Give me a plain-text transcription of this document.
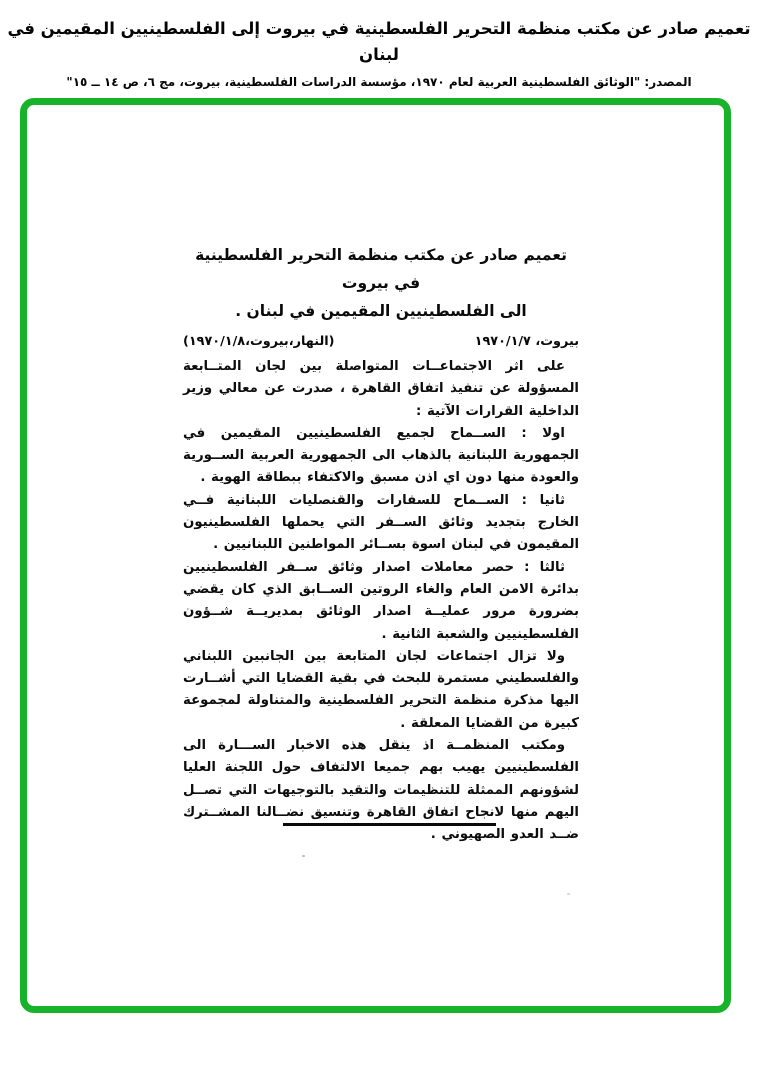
تعميم صادر عن مكتب منظمة التحرير الفلسطينية في بيروت إلى الفلسطينيين المقيمين في لبنان
المصدر: "الوثائق الفلسطينية العربية لعام ١٩٧٠، مؤسسة الدراسات الفلسطينية، بيروت، مج ٦، ص ١٤ ــ ١٥"
تعميم صادر عن مكتب منظمة التحرير الفلسطينية في بيروت
الى الفلسطينيين المقيمين في لبنان .
بيروت، ١٩٧٠/١/٧
(النهار،بيروت،١٩٧٠/١/٨)

على اثر الاجتماعــات المتواصلة بين لجان المتــابعة المسؤولة عن تنفيذ اتفاق القاهرة ، صدرت عن معالي وزير الداخلية القرارات الآتية :

اولا : الســماح لجميع الفلسطينيين المقيمين في الجمهورية اللبنانية بالذهاب الى الجمهورية العربية الســورية والعودة منها دون اي اذن مسبق والاكتفاء ببطاقة الهوية .

ثانيا : الســماح للسفارات والقنصليات اللبنانية فــي الخارج بتجديد وثائق الســفر التي يحملها الفلسطينيون المقيمون في لبنان اسوة بســائر المواطنين اللبنانيين .

ثالثا : حصر معاملات اصدار وثائق ســفر الفلسطينيين بدائرة الامن العام والغاء الروتين الســابق الذي كان يقضي بضرورة مرور عمليــة اصدار الوثائق بمديريــة شــؤون الفلسطينيين والشعبة الثانية .

ولا تزال اجتماعات لجان المتابعة بين الجانبين اللبناني والفلسطيني مستمرة للبحث في بقية القضايا التي أشــارت اليها مذكرة منظمة التحرير الفلسطينية والمتناولة لمجموعة كبيرة من القضايا المعلقة .

ومكتب المنظمــة اذ ينقل هذه الاخبار الســـارة الى الفلسطينيين يهيب بهم جميعا الالتفاف حول اللجنة العليا لشؤونهم الممثلة للتنظيمات والتقيد بالتوجيهات التي تصــل اليهم منها لانجاح اتفاق القاهرة وتنسيق نضــالنا المشــترك ضــد العدو الصهيوني .
